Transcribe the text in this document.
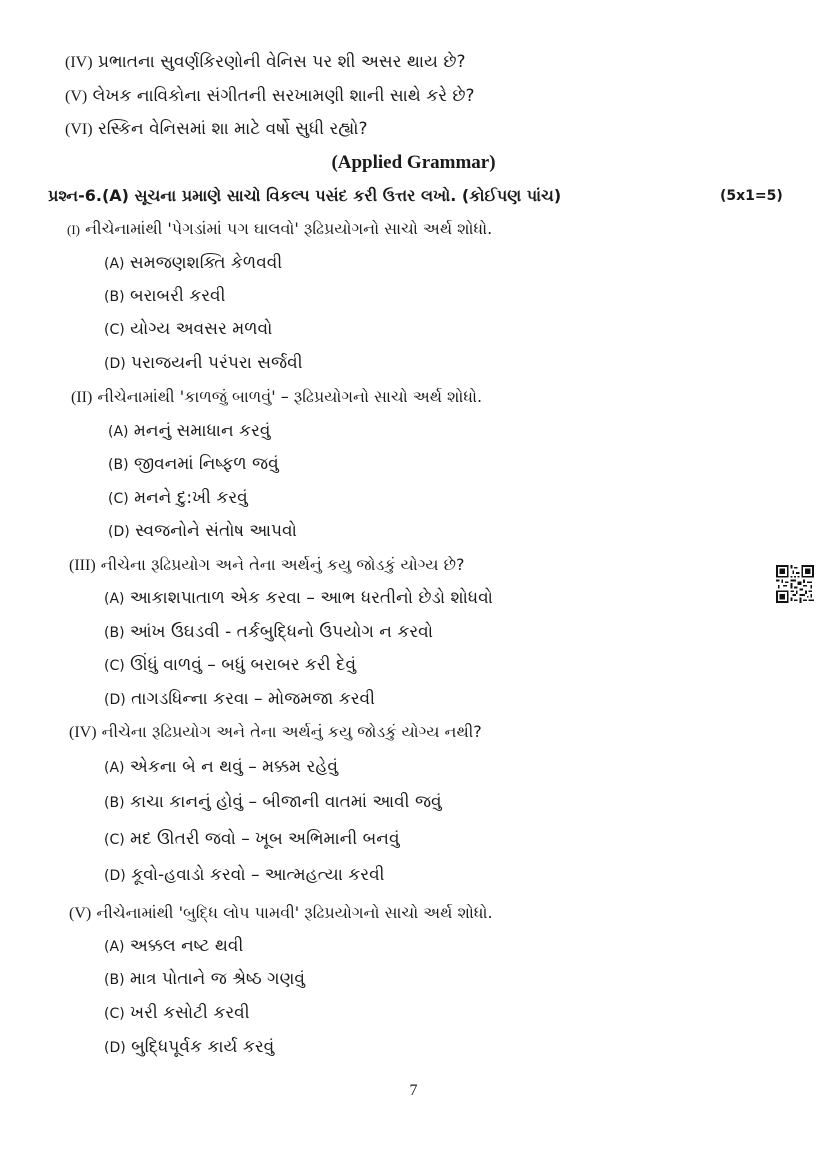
(IV) પ્રભાતના સુવર્ણકિરણોની વેનિસ પર શી અસર થાય છે?
(V) લેખક નાવિકોના સંગીતની સરખામણી શાની સાથે કરે છે?
(VI) રસ્કિન વેનિસમાં શા માટે વર્ષો સુધી રહ્યો?
(Applied Grammar)
પ્રશ્ન-6.(A) સૂચના પ્રમાણે સાચો વિકલ્પ પસંદ કરી ઉત્તર લખો. (કોઈપણ પાંચ)	(5x1=5)
(I) નીચેનામાંથી 'પેગડાંમાં પગ ઘાલવો' રૂઢિપ્રયોગનો સાચો અર્થ શોધો.
(A) સમજણશક્તિ કેળવવી
(B) બરાબરી કરવી
(C) યોગ્ય અવસર મળવો
(D) પરાજયની પરંપરા સર્જવી
(II) નીચેનામાંથી 'કાળજું બાળવું' – રૂઢિપ્રયોગનો સાચો અર્થ શોધો.
(A) મનનું સમાધાન કરવું
(B) જીવનમાં નિષ્ફળ જવું
(C) મનને દુ:ખી કરવું
(D) સ્વજનોને સંતોષ આપવો
(III) નીચેના રૂઢિપ્રયોગ અને તેના અર્થનું કયુ જોડકું યોગ્ય છે?
(A) આકાશપાતાળ એક કરવા – આભ ધરતીનો છેડો શોધવો
(B) આંખ ઉઘડવી - તર્કબુદ્ધિનો ઉપયોગ ન કરવો
(C) ઊંધું વાળવું – બધું બરાબર કરી દેવું
(D) તાગડધિન્ના કરવા – મોજમજા કરવી
(IV) નીચેના રૂઢિપ્રયોગ અને તેના અર્થનું કયુ જોડકું યોગ્ય નથી?
(A) એકના બે ન થવું – મક્કમ રહેવું
(B) કાચા કાનનું હોવું – બીજાની વાતમાં આવી જવું
(C) મદ ઊતરી જવો – ખૂબ અભિમાની બનવું
(D) કૂવો-હવાડો કરવો – આત્મહત્યા કરવી
(V) નીચેનામાંથી 'બુદ્ધિ લોપ પામવી' રૂઢિપ્રયોગનો સાચો અર્થ શોધો.
(A) અક્કલ નષ્ટ થવી
(B) માત્ર પોતાને જ શ્રેષ્ઠ ગણવું
(C) ખરી કસોટી કરવી
(D) બુદ્ધિપૂર્વક કાર્ય કરવું
7
